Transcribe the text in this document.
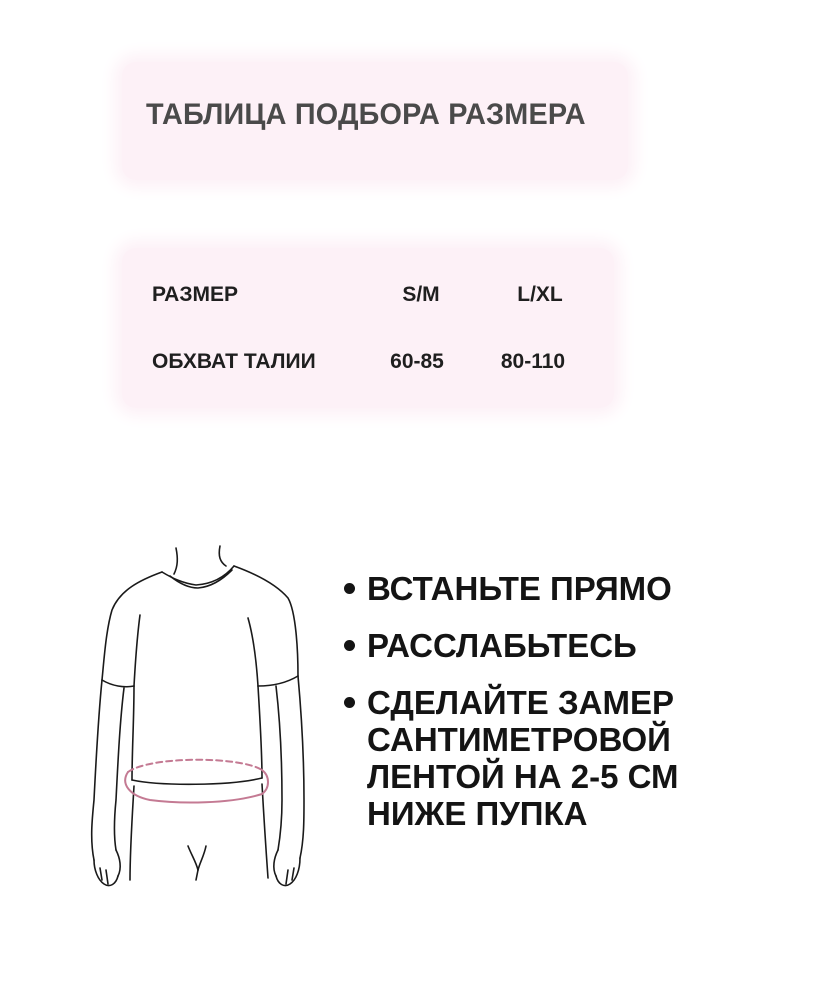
ТАБЛИЦА ПОДБОРА РАЗМЕРА
РАЗМЕР	S/M	L/XL
ОБХВАТ ТАЛИИ	60-85	80-110
ВСТАНЬТЕ ПРЯМО
РАССЛАБЬТЕСЬ
СДЕЛАЙТЕ ЗАМЕР
САНТИМЕТРОВОЙ
ЛЕНТОЙ НА 2-5 СМ
НИЖЕ ПУПКА
